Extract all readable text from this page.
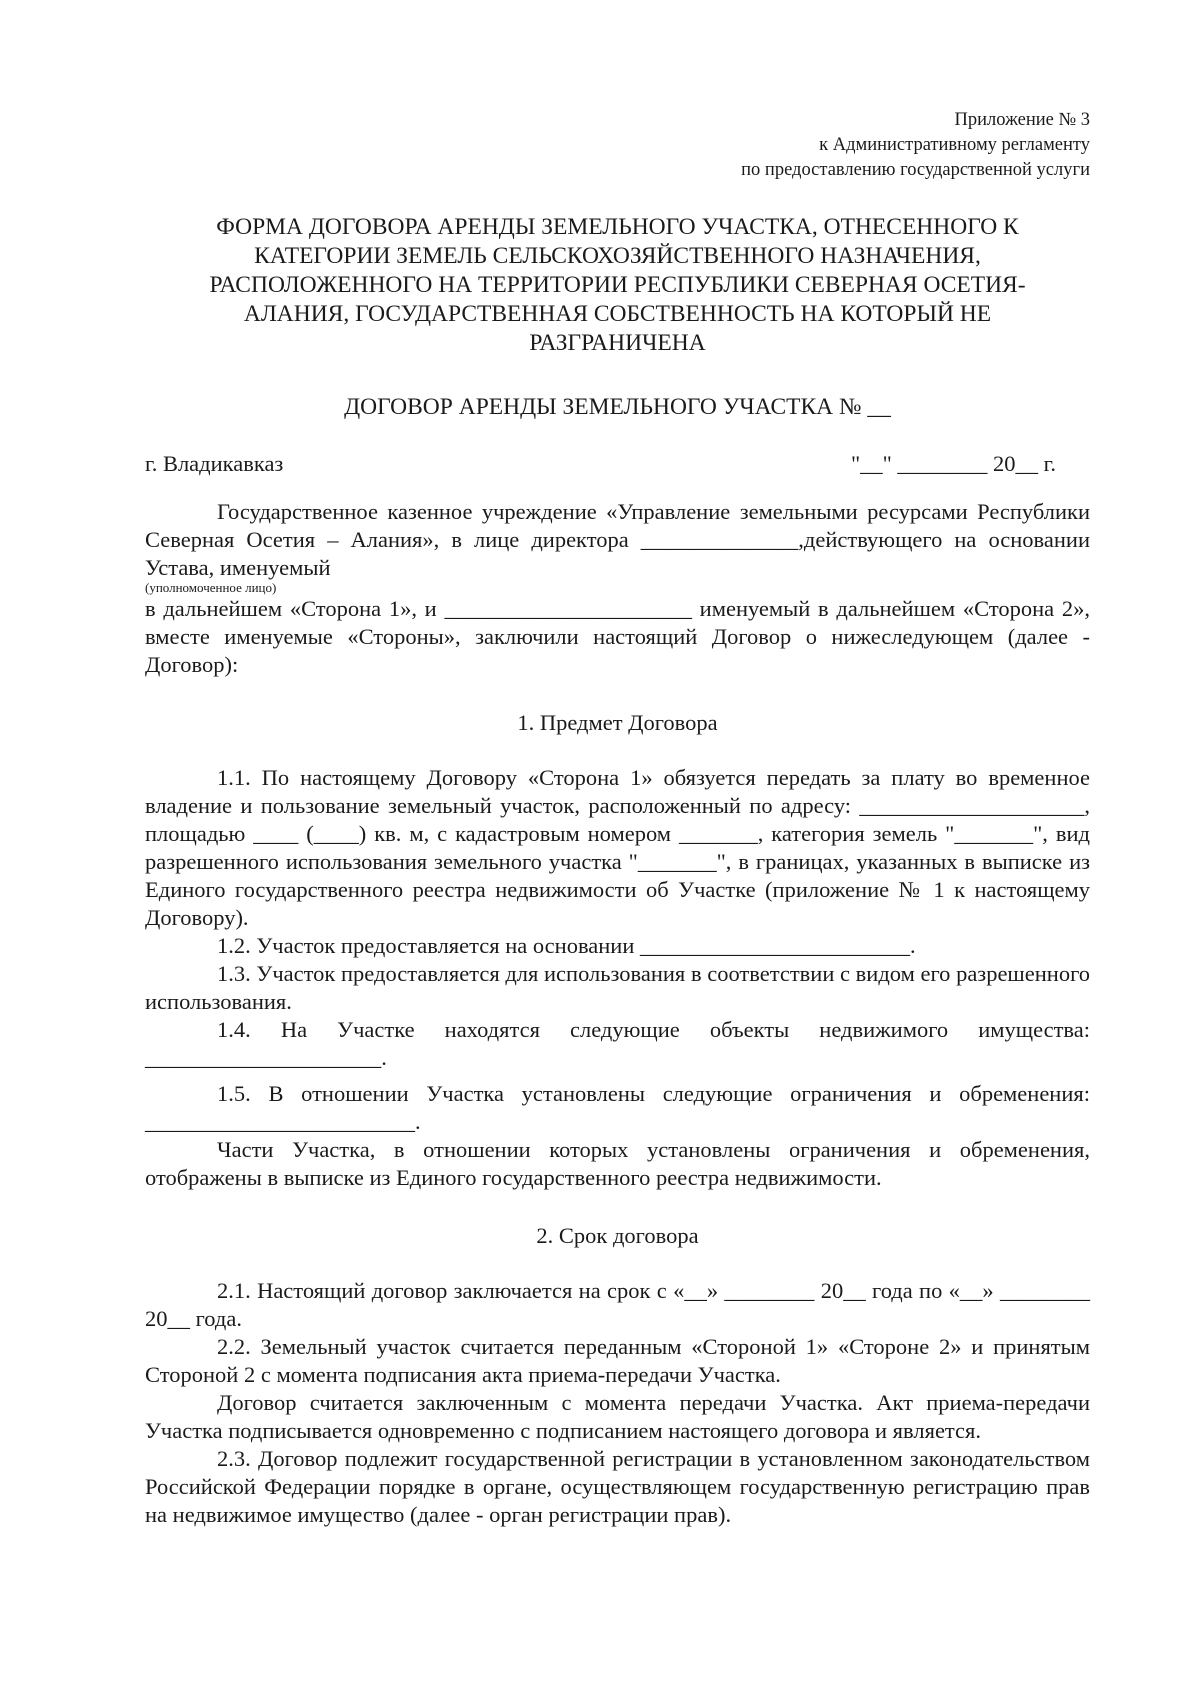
Приложение № 3
к Административному регламенту
по предоставлению государственной услуги
ФОРМА ДОГОВОРА АРЕНДЫ ЗЕМЕЛЬНОГО УЧАСТКА, ОТНЕСЕННОГО К
КАТЕГОРИИ ЗЕМЕЛЬ СЕЛЬСКОХОЗЯЙСТВЕННОГО НАЗНАЧЕНИЯ,
РАСПОЛОЖЕННОГО НА ТЕРРИТОРИИ РЕСПУБЛИКИ СЕВЕРНАЯ ОСЕТИЯ-
АЛАНИЯ, ГОСУДАРСТВЕННАЯ СОБСТВЕННОСТЬ НА КОТОРЫЙ НЕ
РАЗГРАНИЧЕНА
ДОГОВОР АРЕНДЫ ЗЕМЕЛЬНОГО УЧАСТКА № __
г. Владикавказ	"__" ________ 20__ г.
Государственное казенное учреждение «Управление земельными ресурсами Республики Северная Осетия – Алания», в лице директора ______________,действующего на основании Устава, именуемый
(уполномоченное лицо)
в дальнейшем «Сторона 1», и ______________________ именуемый в дальнейшем «Сторона 2», вместе именуемые «Стороны», заключили настоящий Договор о нижеследующем (далее - Договор):
1. Предмет Договора
1.1. По настоящему Договору «Сторона 1» обязуется передать за плату во временное владение и пользование земельный участок, расположенный по адресу: ____________________, площадью ____ (____) кв. м, с кадастровым номером _______, категория земель "_______", вид разрешенного использования земельного участка "_______", в границах, указанных в выписке из Единого государственного реестра недвижимости об Участке (приложение № 1 к настоящему Договору).
1.2. Участок предоставляется на основании ________________________.
1.3. Участок предоставляется для использования в соответствии с видом его разрешенного использования.
1.4. На Участке находятся следующие объекты недвижимого имущества: _____________________.
1.5. В отношении Участка установлены следующие ограничения и обременения: ________________________.
Части Участка, в отношении которых установлены ограничения и обременения, отображены в выписке из Единого государственного реестра недвижимости.
2. Срок договора
2.1. Настоящий договор заключается на срок с «__» ________ 20__ года по «__» ________ 20__ года.
2.2. Земельный участок считается переданным «Стороной 1» «Стороне 2» и принятым Стороной 2 с момента подписания акта приема-передачи Участка.
Договор считается заключенным с момента передачи Участка. Акт приема-передачи Участка подписывается одновременно с подписанием настоящего договора и является.
2.3. Договор подлежит государственной регистрации в установленном законодательством Российской Федерации порядке в органе, осуществляющем государственную регистрацию прав на недвижимое имущество (далее - орган регистрации прав).
